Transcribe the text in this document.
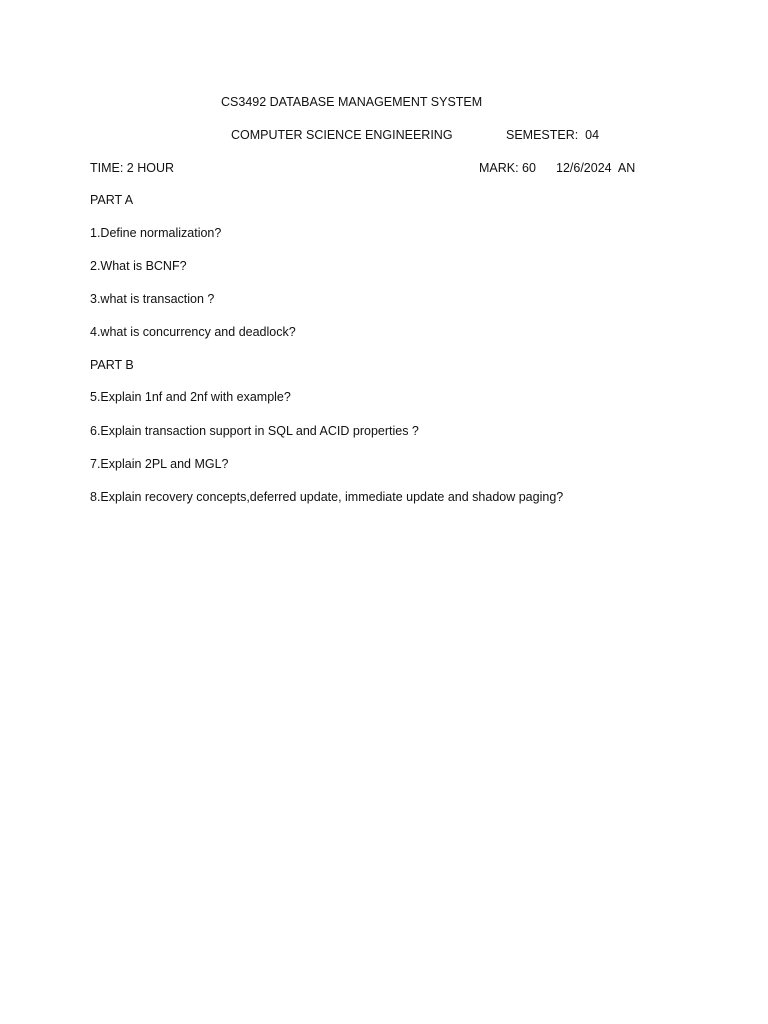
CS3492 DATABASE MANAGEMENT SYSTEM
COMPUTER SCIENCE ENGINEERING	SEMESTER:  04
TIME: 2 HOUR	MARK: 60 12/6/2024  AN
PART A
1.Define normalization?
2.What is BCNF?
3.what is transaction ?
4.what is concurrency and deadlock?
PART B
5.Explain 1nf and 2nf with example?
6.Explain transaction support in SQL and ACID properties ?
7.Explain 2PL and MGL?
8.Explain recovery concepts,deferred update, immediate update and shadow paging?
